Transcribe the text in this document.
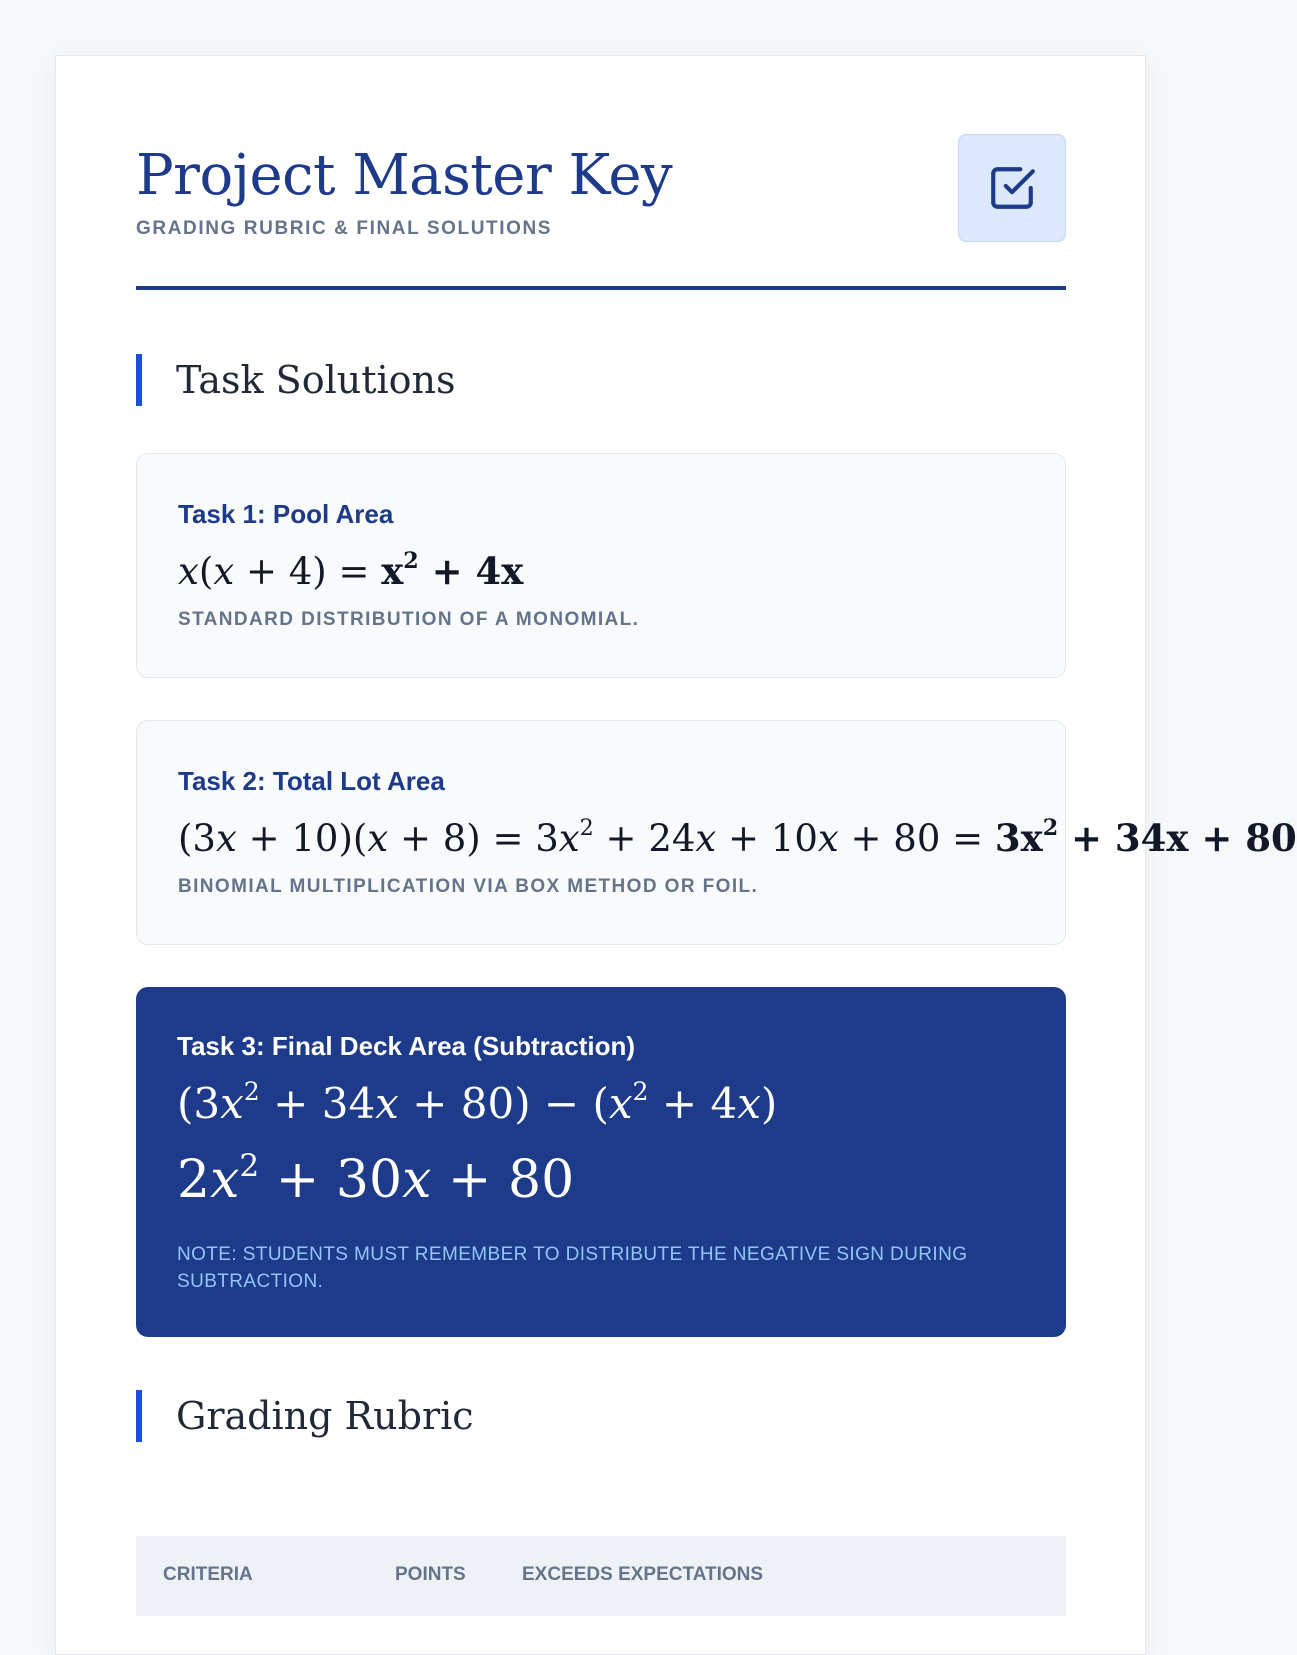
Project Master Key
GRADING RUBRIC & FINAL SOLUTIONS
Task Solutions
Task 1: Pool Area
$x(x + 4) = x^2 + 4x$
STANDARD DISTRIBUTION OF A MONOMIAL.
Task 2: Total Lot Area
$(3x + 10)(x + 8) = 3x^2 + 24x + 10x + 80 = 3x^2 + 34x + 80$
BINOMIAL MULTIPLICATION VIA BOX METHOD OR FOIL.
Task 3: Final Deck Area (Subtraction)
$(3x^2 + 34x + 80) - (x^2 + 4x)$
$2x^2 + 30x + 80$
NOTE: STUDENTS MUST REMEMBER TO DISTRIBUTE THE NEGATIVE SIGN DURING SUBTRACTION.
Grading Rubric
CRITERIA	POINTS	EXCEEDS EXPECTATIONS
